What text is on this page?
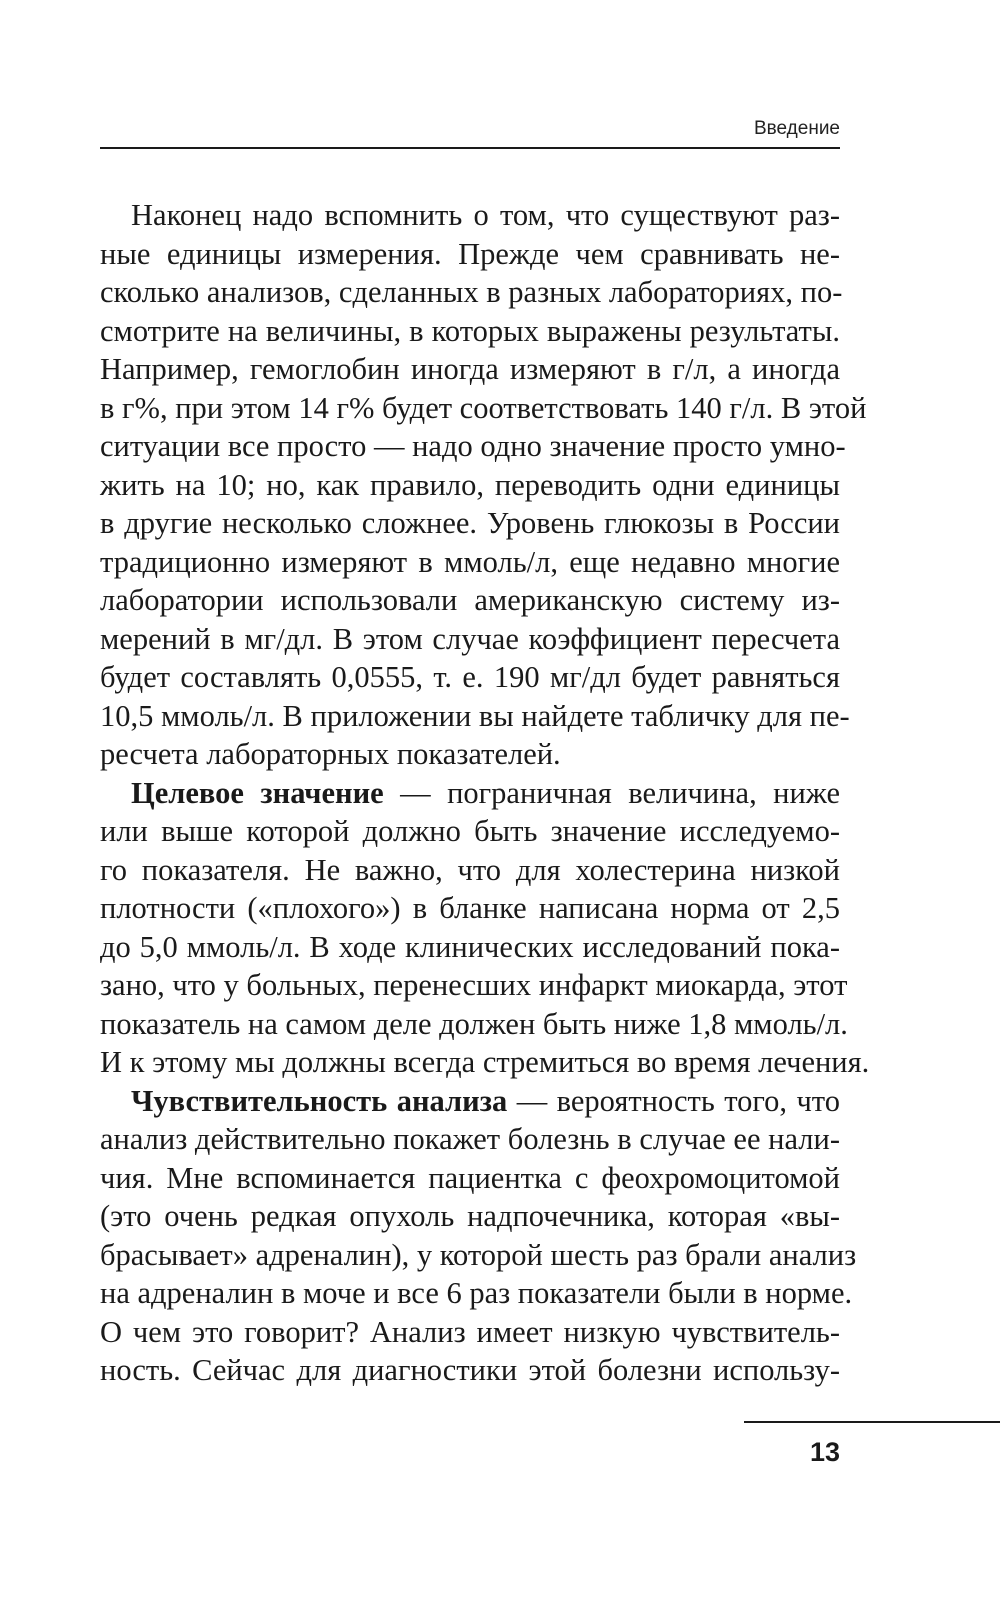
Введение

Наконец надо вспомнить о том, что существуют раз-
ные единицы измерения. Прежде чем сравнивать не-
сколько анализов, сделанных в разных лабораториях, по-
смотрите на величины, в которых выражены результаты.
Например, гемоглобин иногда измеряют в г/л, а иногда
в г%, при этом 14 г% будет соответствовать 140 г/л. В этой
ситуации все просто — надо одно значение просто умно-
жить на 10; но, как правило, переводить одни единицы
в другие несколько сложнее. Уровень глюкозы в России
традиционно измеряют в ммоль/л, еще недавно многие
лаборатории использовали американскую систему из-
мерений в мг/дл. В этом случае коэффициент пересчета
будет составлять 0,0555, т. е. 190 мг/дл будет равняться
10,5 ммоль/л. В приложении вы найдете табличку для пе-
ресчета лабораторных показателей.

Целевое значение — пограничная величина, ниже
или выше которой должно быть значение исследуемо-
го показателя. Не важно, что для холестерина низкой
плотности («плохого») в бланке написана норма от 2,5
до 5,0 ммоль/л. В ходе клинических исследований пока-
зано, что у больных, перенесших инфаркт миокарда, этот
показатель на самом деле должен быть ниже 1,8 ммоль/л.
И к этому мы должны всегда стремиться во время лечения.

Чувствительность анализа — вероятность того, что
анализ действительно покажет болезнь в случае ее нали-
чия. Мне вспоминается пациентка с феохромоцитомой
(это очень редкая опухоль надпочечника, которая «вы-
брасывает» адреналин), у которой шесть раз брали анализ
на адреналин в моче и все 6 раз показатели были в норме.
О чем это говорит? Анализ имеет низкую чувствитель-
ность. Сейчас для диагностики этой болезни использу-

13
